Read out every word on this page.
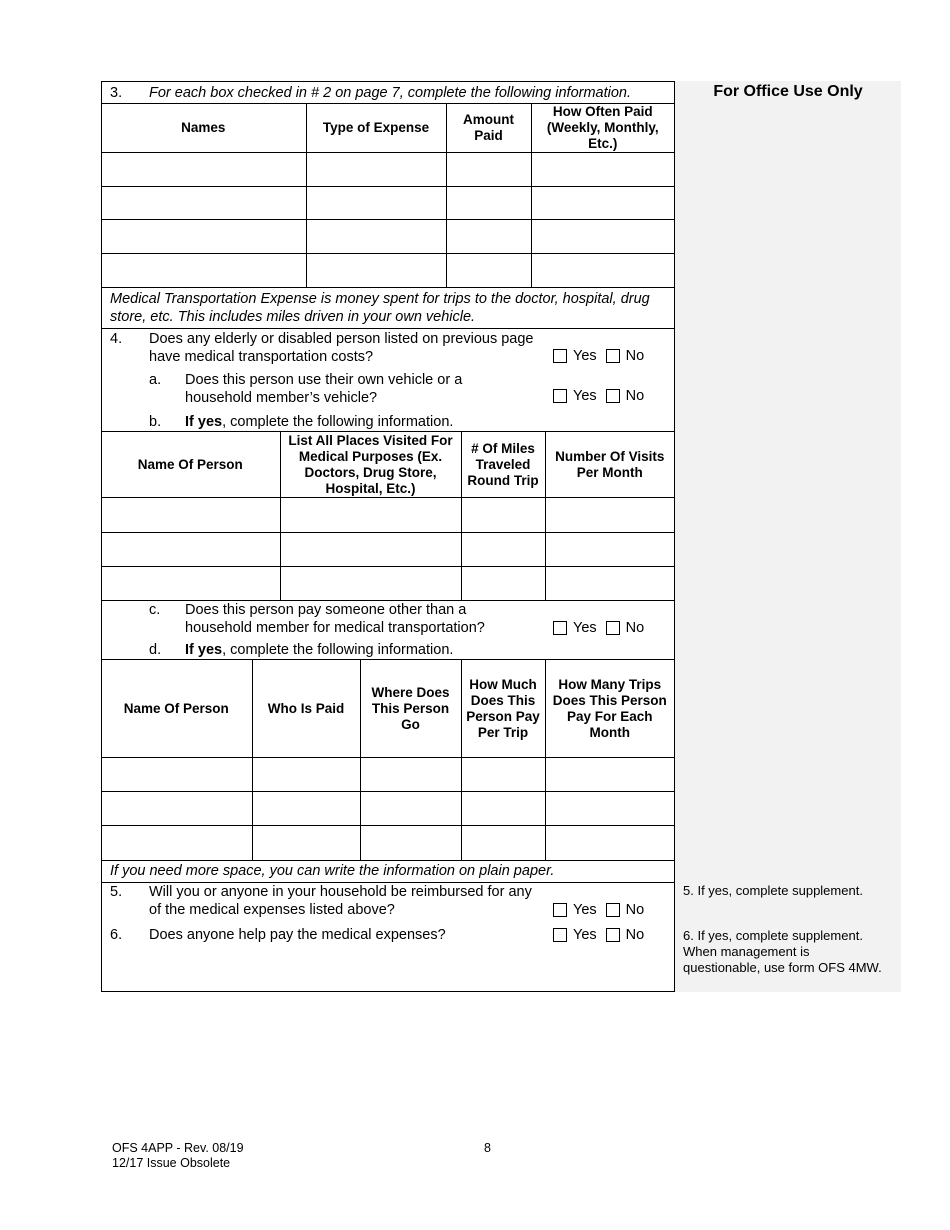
For Office Use Only
5. If yes, complete supplement.
6. If yes, complete supplement. When management is questionable, use form OFS 4MW.
3. For each box checked in # 2 on page 7, complete the following information.
Names	Type of Expense	Amount Paid	How Often Paid (Weekly, Monthly, Etc.)

Medical Transportation Expense is money spent for trips to the doctor, hospital, drug store, etc. This includes miles driven in your own vehicle.
4. Does any elderly or disabled person listed on previous page have medical transportation costs?	Yes No
a. Does this person use their own vehicle or a household member’s vehicle?	Yes No
b. If yes, complete the following information.
Name Of Person	List All Places Visited For Medical Purposes (Ex. Doctors, Drug Store, Hospital, Etc.)	# Of Miles Traveled Round Trip	Number Of Visits Per Month

c. Does this person pay someone other than a household member for medical transportation?	Yes No
d. If yes, complete the following information.
Name Of Person	Who Is Paid	Where Does This Person Go	How Much Does This Person Pay Per Trip	How Many Trips Does This Person Pay For Each Month

If you need more space, you can write the information on plain paper.
5. Will you or anyone in your household be reimbursed for any of the medical expenses listed above?	Yes No
6. Does anyone help pay the medical expenses?	Yes No
OFS 4APP - Rev. 08/19
12/17 Issue Obsolete
8
